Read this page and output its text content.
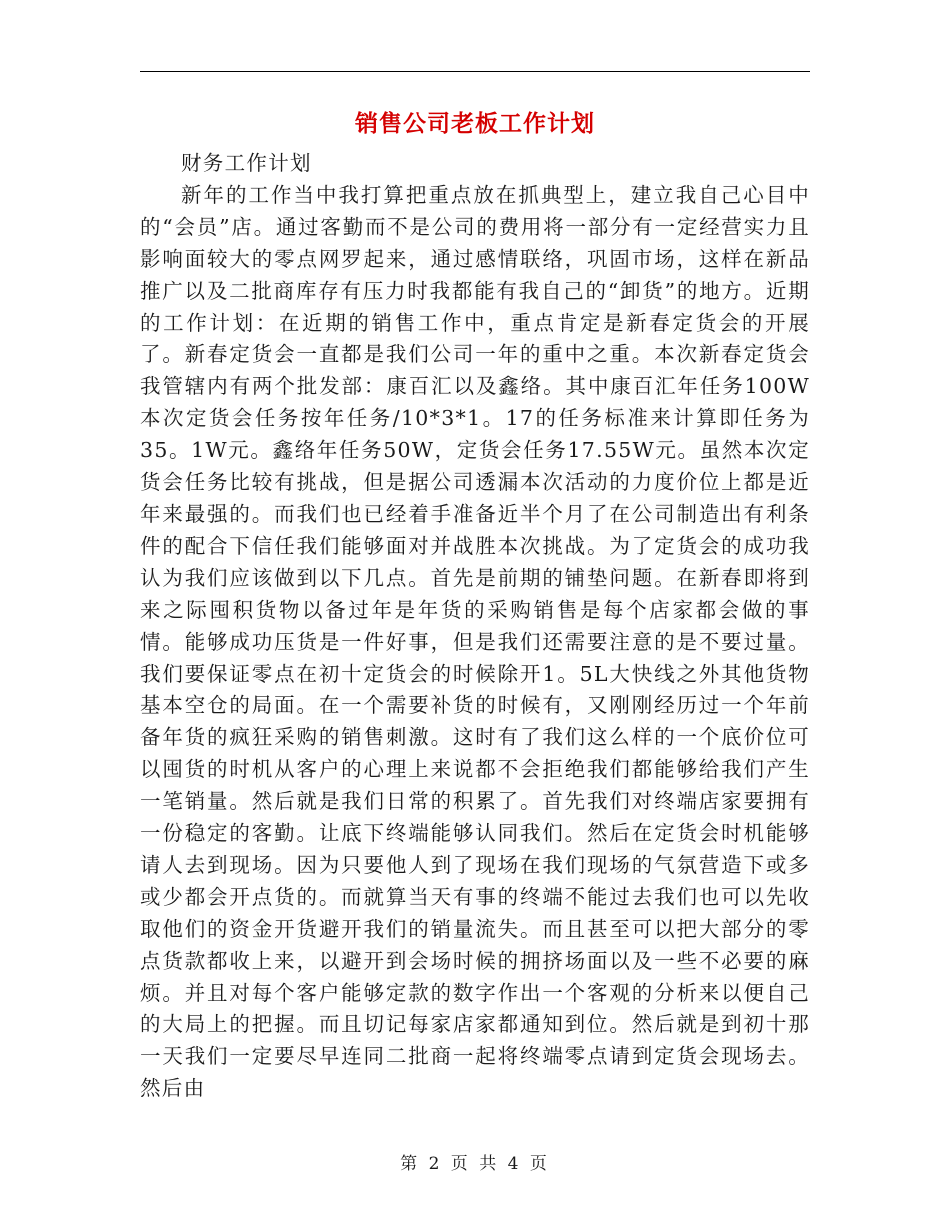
销售公司老板工作计划

财务工作计划

新年的工作当中我打算把重点放在抓典型上，建立我自己心目中的“会员”店。通过客勤而不是公司的费用将一部分有一定经营实力且影响面较大的零点网罗起来，通过感情联络，巩固市场，这样在新品推广以及二批商库存有压力时我都能有我自己的“卸货”的地方。近期的工作计划：在近期的销售工作中，重点肯定是新春定货会的开展了。新春定货会一直都是我们公司一年的重中之重。本次新春定货会我管辖内有两个批发部：康百汇以及鑫络。其中康百汇年任务100W本次定货会任务按年任务/10*3*1。17的任务标准来计算即任务为35。1W元。鑫络年任务50W，定货会任务17.55W元。虽然本次定货会任务比较有挑战，但是据公司透漏本次活动的力度价位上都是近年来最强的。而我们也已经着手准备近半个月了在公司制造出有利条件的配合下信任我们能够面对并战胜本次挑战。为了定货会的成功我认为我们应该做到以下几点。首先是前期的铺垫问题。在新春即将到来之际囤积货物以备过年是年货的采购销售是每个店家都会做的事情。能够成功压货是一件好事，但是我们还需要注意的是不要过量。我们要保证零点在初十定货会的时候除开1。5L大快线之外其他货物基本空仓的局面。在一个需要补货的时候有，又刚刚经历过一个年前备年货的疯狂采购的销售刺激。这时有了我们这么样的一个底价位可以囤货的时机从客户的心理上来说都不会拒绝我们都能够给我们产生一笔销量。然后就是我们日常的积累了。首先我们对终端店家要拥有一份稳定的客勤。让底下终端能够认同我们。然后在定货会时机能够请人去到现场。因为只要他人到了现场在我们现场的气氛营造下或多或少都会开点货的。而就算当天有事的终端不能过去我们也可以先收取他们的资金开货避开我们的销量流失。而且甚至可以把大部分的零点货款都收上来，以避开到会场时候的拥挤场面以及一些不必要的麻烦。并且对每个客户能够定款的数字作出一个客观的分析来以便自己的大局上的把握。而且切记每家店家都通知到位。然后就是到初十那一天我们一定要尽早连同二批商一起将终端零点请到定货会现场去。然后由

第 2 页 共 4 页
